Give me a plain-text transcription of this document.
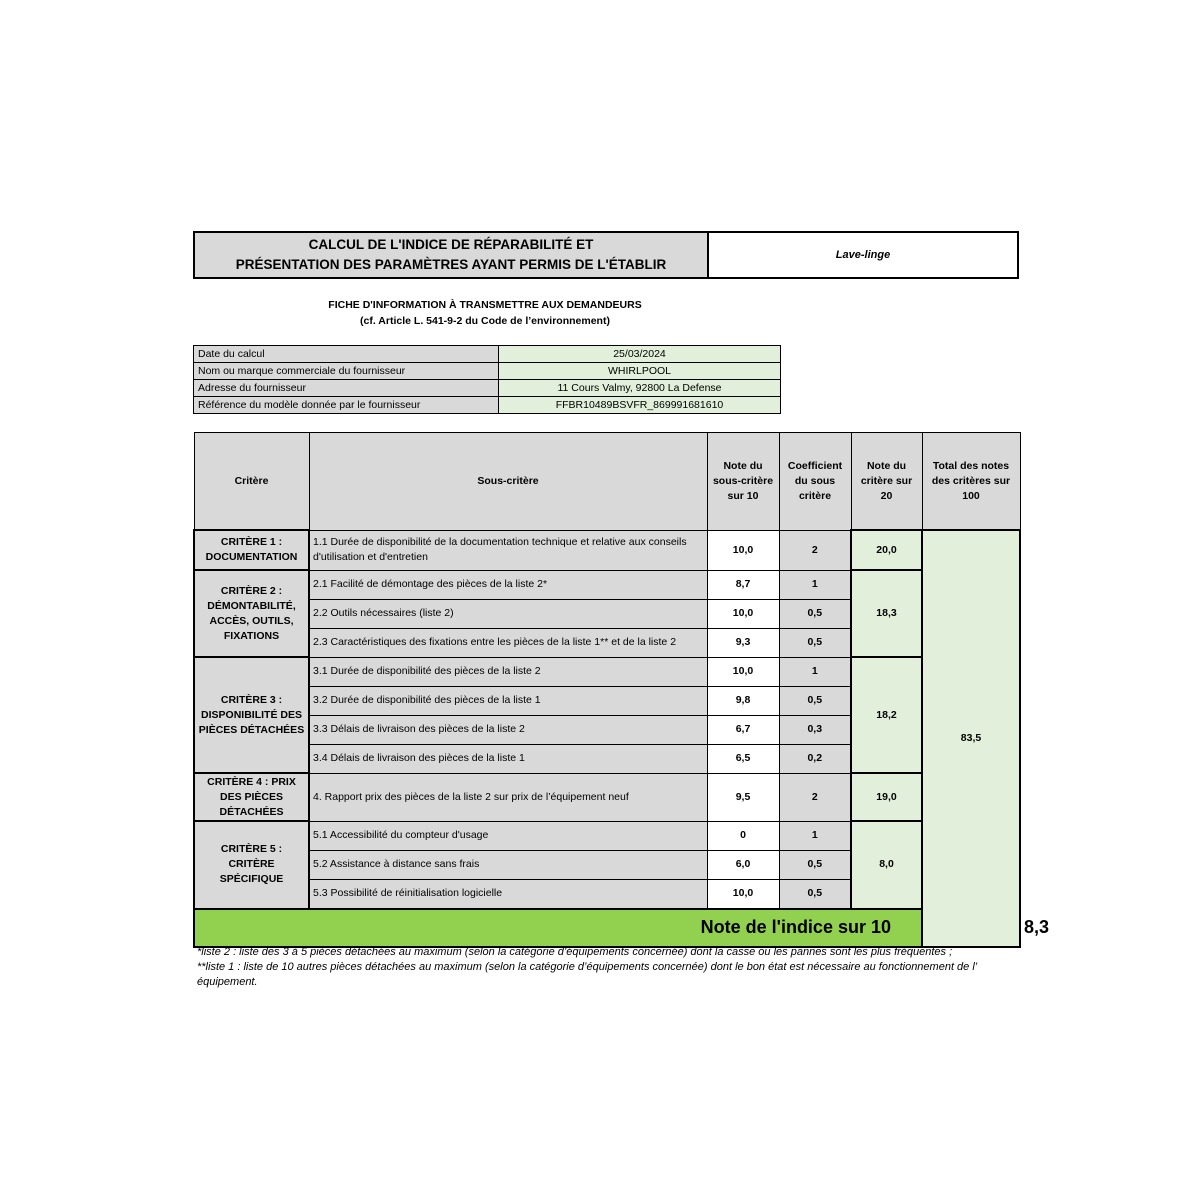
CALCUL DE L'INDICE DE RÉPARABILITÉ ET
PRÉSENTATION DES PARAMÈTRES AYANT PERMIS DE L'ÉTABLIR
Lave-linge
FICHE D'INFORMATION À TRANSMETTRE AUX DEMANDEURS
(cf. Article L. 541-9-2 du Code de l’environnement)
Date du calcul	25/03/2024
Nom ou marque commerciale du fournisseur	WHIRLPOOL
Adresse du fournisseur	11 Cours Valmy, 92800 La Defense
Référence du modèle donnée par le fournisseur	FFBR10489BSVFR_869991681610
Critère	Sous-critère	Note du sous-critère sur 10	Coefficient du sous critère	Note du critère sur 20	Total des notes des critères sur 100	
CRITÈRE 1 : DOCUMENTATION	1.1 Durée de disponibilité de la documentation technique et relative aux conseils d'utilisation et d'entretien	10,0	2	20,0	83,5	
CRITÈRE 2 : DÉMONTABILITÉ, ACCÈS, OUTILS, FIXATIONS	2.1 Facilité de démontage des pièces de la liste 2*	8,7	1	18,3		
	2.2 Outils nécessaires (liste 2)	10,0	0,5			
	2.3 Caractéristiques des fixations entre les pièces de la liste 1** et de la liste 2	9,3	0,5			
CRITÈRE 3 : DISPONIBILITÉ DES PIÈCES DÉTACHÉES	3.1 Durée de disponibilité des pièces de la liste 2	10,0	1	18,2		
	3.2 Durée de disponibilité des pièces de la liste 1	9,8	0,5			
	3.3 Délais de livraison des pièces de la liste 2	6,7	0,3			
	3.4 Délais de livraison des pièces de la liste 1	6,5	0,2			
CRITÈRE 4 : PRIX DES PIÈCES DÉTACHÉES	4. Rapport prix des pièces de la liste 2 sur prix de l’équipement neuf	9,5	2	19,0		
CRITÈRE 5 : CRITÈRE SPÉCIFIQUE	5.1 Accessibilité du compteur d'usage	0	1	8,0		
	5.2 Assistance à distance sans frais	6,0	0,5			
	5.3 Possibilité de réinitialisation logicielle	10,0	0,5			
Note de l'indice sur 10						8,3
*liste 2 : liste des 3 à 5 pièces détachées au maximum (selon la catégorie d’équipements concernée) dont la casse ou les pannes sont les plus fréquentes ;
**liste 1 : liste de 10 autres pièces détachées au maximum (selon la catégorie d’équipements concernée) dont le bon état est nécessaire au fonctionnement de l’ équipement.
